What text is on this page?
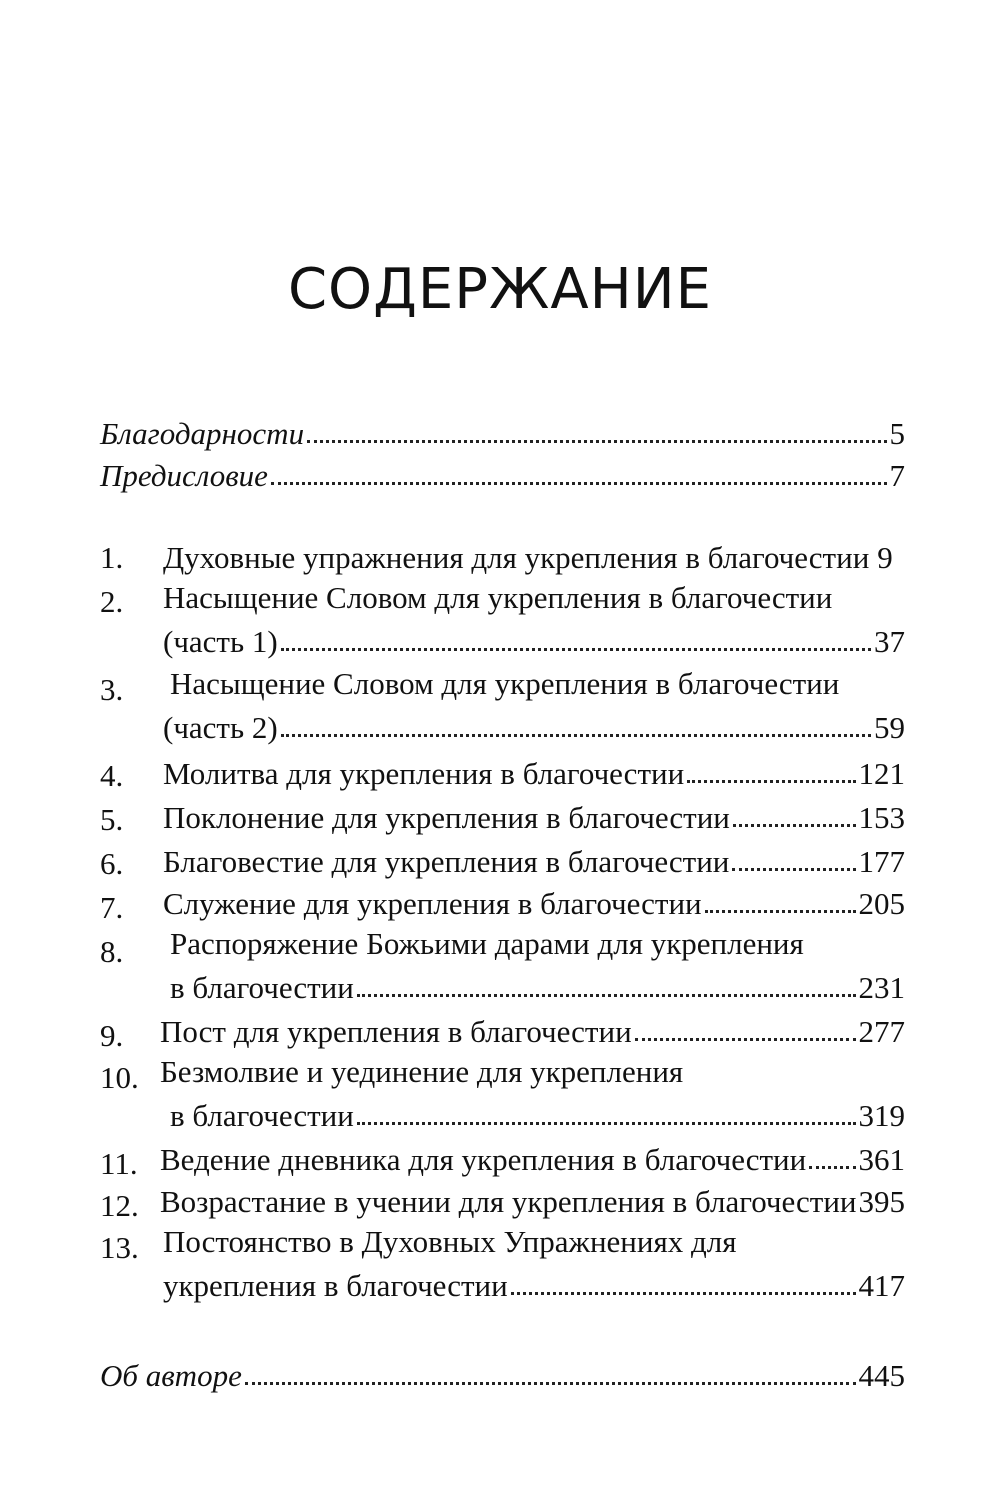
СОДЕРЖАНИЕ
Благодарности	5
Предисловие	7
1.	Духовные упражнения для укрепления в благочестии 9
2.	Насыщение Словом для укрепления в благочестии
(часть 1)	37
3.	Насыщение Словом для укрепления в благочестии
(часть 2)	59
4.	Молитва для укрепления в благочестии	121
5.	Поклонение для укрепления в благочестии	153
6.	Благовестие для укрепления в благочестии	177
7.	Служение для укрепления в благочестии	205
8.	Распоряжение Божьими дарами для укрепления
в благочестии	231
9.	Пост для укрепления в благочестии	277
10. Безмолвие и уединение для укрепления
в благочестии	319
11. Ведение дневника для укрепления в благочестии 361
12. Возрастание в учении для укрепления в благочестии 395
13. Постоянство в Духовных Упражнениях для
укрепления в благочестии	417
Об авторе	445
